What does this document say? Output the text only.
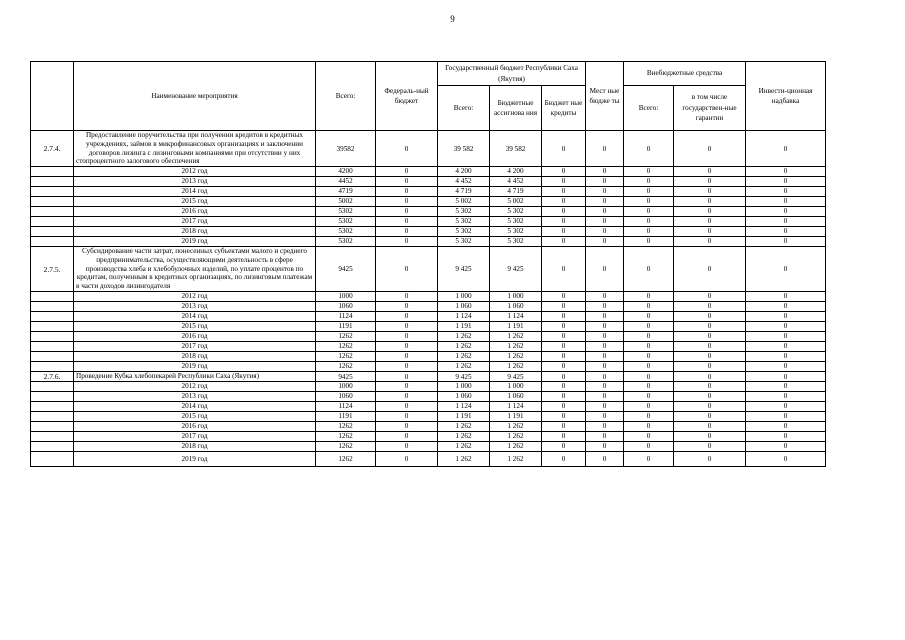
9
	Наименование мероприятия	Всего:	Федераль-ный бюджет	Государственный бюджет Республики Саха (Якутия)			Мест ные бюдже ты	Внебюджетные средства		Инвести-ционная надбавка
				Всего:	Бюджетные ассигнова ния	Бюджет ные кредиты		Всего:	в том числе государствен-ные гарантии	
2.7.4.	Предоставление поручительства при получении кредитов в кредитных учреждениях, займов в микрофинансовых организациях и заключении договоров лизинга с лизинговыми компаниями при отсутствии у них стопроцентного залогового обеспечения	39582	0	39 582	39 582	0	0	0	0	0
	2012 год	4200	0	4 200	4 200	0	0	0	0	0
	2013 год	4452	0	4 452	4 452	0	0	0	0	0
	2014 год	4719	0	4 719	4 719	0	0	0	0	0
	2015 год	5002	0	5 002	5 002	0	0	0	0	0
	2016 год	5302	0	5 302	5 302	0	0	0	0	0
	2017 год	5302	0	5 302	5 302	0	0	0	0	0
	2018 год	5302	0	5 302	5 302	0	0	0	0	0
	2019 год	5302	0	5 302	5 302	0	0	0	0	0
2.7.5.	Субсидирование части затрат, понесенных субъектами малого и среднего предпринимательства, осуществляющими деятельность в сфере производства хлеба и хлебобулочных изделий, по уплате процентов по кредитам, полученным в кредитных организациях, по лизинговым платежам в части доходов лизингодателя	9425	0	9 425	9 425	0	0	0	0	0
	2012 год	1000	0	1 000	1 000	0	0	0	0	0
	2013 год	1060	0	1 060	1 060	0	0	0	0	0
	2014 год	1124	0	1 124	1 124	0	0	0	0	0
	2015 год	1191	0	1 191	1 191	0	0	0	0	0
	2016 год	1262	0	1 262	1 262	0	0	0	0	0
	2017 год	1262	0	1 262	1 262	0	0	0	0	0
	2018 год	1262	0	1 262	1 262	0	0	0	0	0
	2019 год	1262	0	1 262	1 262	0	0	0	0	0
2.7.6.	Проведение Кубка хлебопекарей Республики Саха (Якутия)	9425	0	9 425	9 425	0	0	0	0	0
	2012 год	1000	0	1 000	1 000	0	0	0	0	0
	2013 год	1060	0	1 060	1 060	0	0	0	0	0
	2014 год	1124	0	1 124	1 124	0	0	0	0	0
	2015 год	1191	0	1 191	1 191	0	0	0	0	0
	2016 год	1262	0	1 262	1 262	0	0	0	0	0
	2017 год	1262	0	1 262	1 262	0	0	0	0	0
	2018 год	1262	0	1 262	1 262	0	0	0	0	0
	2019 год	1262	0	1 262	1 262	0	0	0	0	0
